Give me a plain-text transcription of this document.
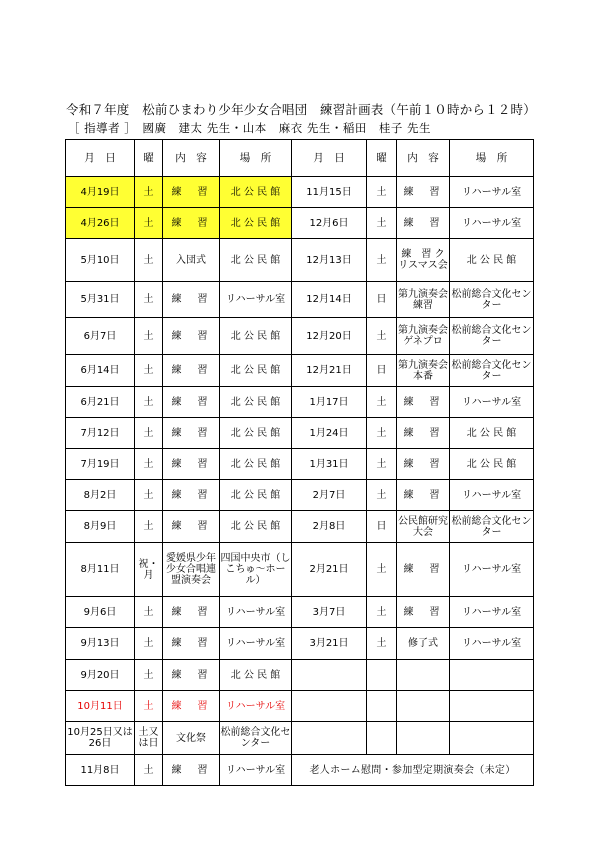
令和７年度　松前ひまわり少年少女合唱団　練習計画表（午前１０時から１２時）
［ 指導者 ］　國廣　建太 先生・山本　麻衣 先生・稲田　桂子 先生
月　日	曜	内　容	場　所	月　日	曜	内　容	場　所
4月19日	土	練　習	北 公 民 館	11月15日	土	練　習	リハーサル室
4月26日	土	練　習	北 公 民 館	12月6日	土	練　習	リハーサル室
5月10日	土	入団式	北 公 民 館	12月13日	土	練　習 クリスマス会	北 公 民 館
5月31日	土	練　習	リハーサル室	12月14日	日	第九演奏会練習	松前総合文化センター
6月7日	土	練　習	北 公 民 館	12月20日	土	第九演奏会ゲネプロ	松前総合文化センター
6月14日	土	練　習	北 公 民 館	12月21日	日	第九演奏会本番	松前総合文化センター
6月21日	土	練　習	北 公 民 館	1月17日	土	練　習	リハーサル室
7月12日	土	練　習	北 公 民 館	1月24日	土	練　習	北 公 民 館
7月19日	土	練　習	北 公 民 館	1月31日	土	練　習	北 公 民 館
8月2日	土	練　習	北 公 民 館	2月7日	土	練　習	リハーサル室
8月9日	土	練　習	北 公 民 館	2月8日	日	公民館研究大会	松前総合文化センター
8月11日	祝・月	愛媛県少年少女合唱連盟演奏会	四国中央市（しこちゅ～ホール）	2月21日	土	練　習	リハーサル室
9月6日	土	練　習	リハーサル室	3月7日	土	練　習	リハーサル室
9月13日	土	練　習	リハーサル室	3月21日	土	修了式	リハーサル室
9月20日	土	練　習	北 公 民 館				
10月11日	土	練　習	リハーサル室				
10月25日又は26日	土又は日	文化祭	松前総合文化センター				
11月8日	土	練　習	リハーサル室	老人ホーム慰問・参加型定期演奏会（未定）			
